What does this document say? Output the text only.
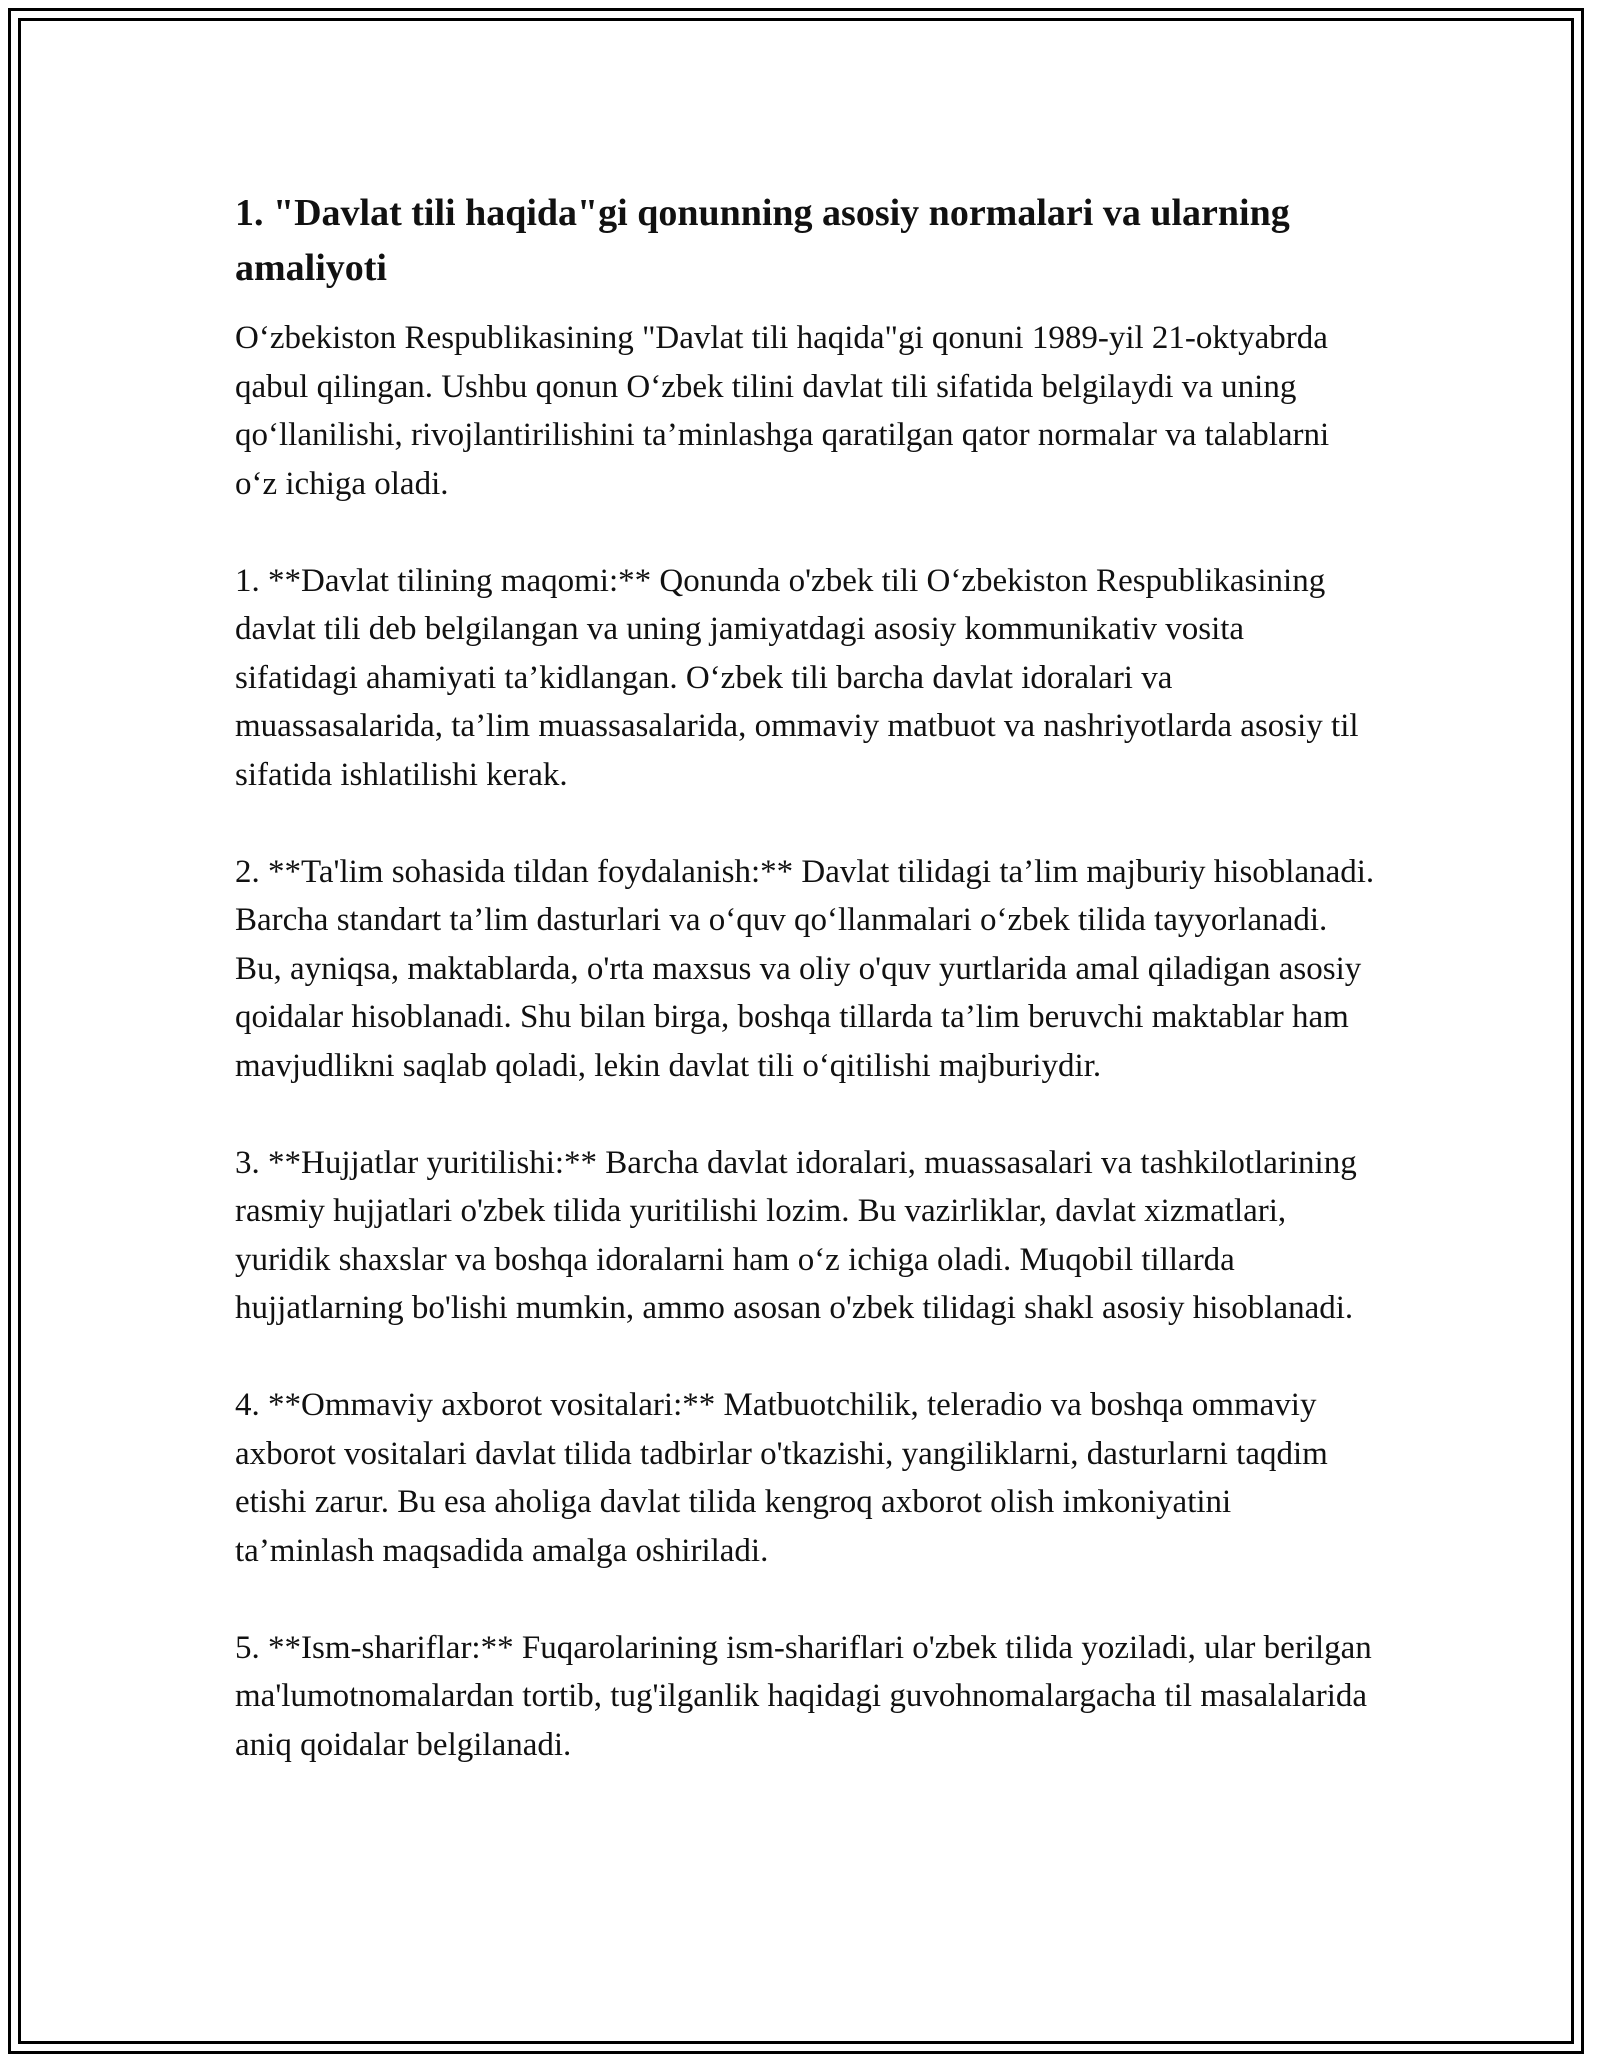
1. "Davlat tili haqida"gi qonunning asosiy normalari va ularning amaliyoti

O‘zbekiston Respublikasining "Davlat tili haqida"gi qonuni 1989-yil 21-oktyabrda qabul qilingan. Ushbu qonun O‘zbek tilini davlat tili sifatida belgilaydi va uning qo‘llanilishi, rivojlantirilishini ta’minlashga qaratilgan qator normalar va talablarni o‘z ichiga oladi.

1. **Davlat tilining maqomi:** Qonunda o'zbek tili O‘zbekiston Respublikasining davlat tili deb belgilangan va uning jamiyatdagi asosiy kommunikativ vosita sifatidagi ahamiyati ta’kidlangan. O‘zbek tili barcha davlat idoralari va muassasalarida, ta’lim muassasalarida, ommaviy matbuot va nashriyotlarda asosiy til sifatida ishlatilishi kerak.

2. **Ta'lim sohasida tildan foydalanish:** Davlat tilidagi ta’lim majburiy hisoblanadi. Barcha standart ta’lim dasturlari va o‘quv qo‘llanmalari o‘zbek tilida tayyorlanadi. Bu, ayniqsa, maktablarda, o'rta maxsus va oliy o'quv yurtlarida amal qiladigan asosiy qoidalar hisoblanadi. Shu bilan birga, boshqa tillarda ta’lim beruvchi maktablar ham mavjudlikni saqlab qoladi, lekin davlat tili o‘qitilishi majburiydir.

3. **Hujjatlar yuritilishi:** Barcha davlat idoralari, muassasalari va tashkilotlarining rasmiy hujjatlari o'zbek tilida yuritilishi lozim. Bu vazirliklar, davlat xizmatlari, yuridik shaxslar va boshqa idoralarni ham o‘z ichiga oladi. Muqobil tillarda hujjatlarning bo'lishi mumkin, ammo asosan o'zbek tilidagi shakl asosiy hisoblanadi.

4. **Ommaviy axborot vositalari:** Matbuotchilik, teleradio va boshqa ommaviy axborot vositalari davlat tilida tadbirlar o'tkazishi, yangiliklarni, dasturlarni taqdim etishi zarur. Bu esa aholiga davlat tilida kengroq axborot olish imkoniyatini ta’minlash maqsadida amalga oshiriladi.

5. **Ism-shariflar:** Fuqarolarining ism-shariflari o'zbek tilida yoziladi, ular berilgan ma'lumotnomalardan tortib, tug'ilganlik haqidagi guvohnomalargacha til masalalarida aniq qoidalar belgilanadi.
